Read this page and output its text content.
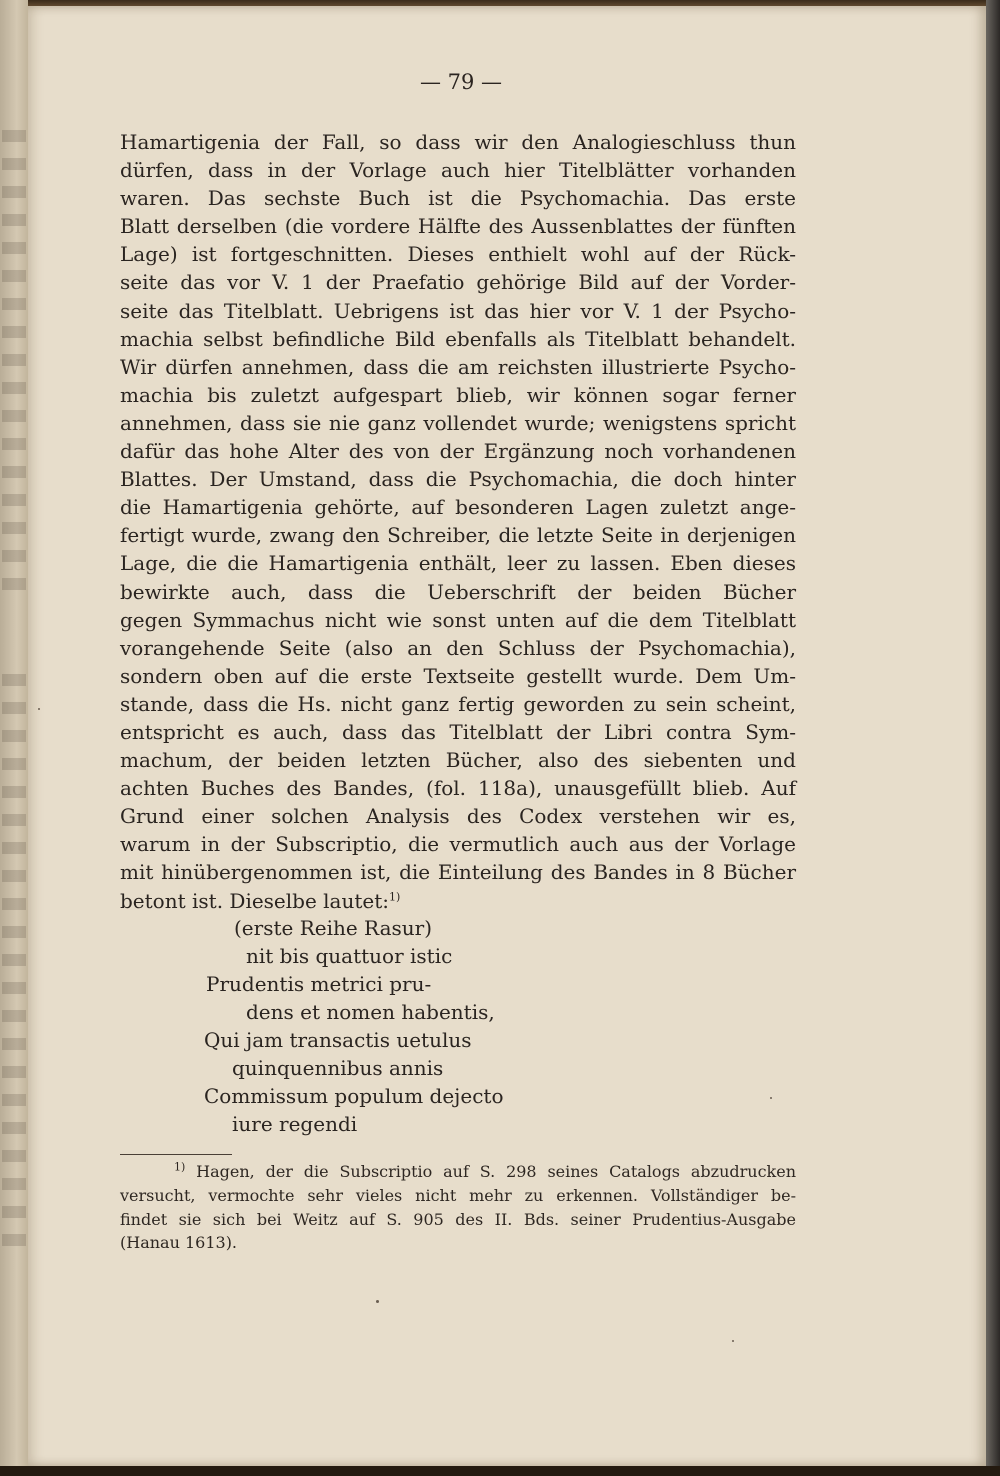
— 79 —
Hamartigenia der Fall, so dass wir den Analogieschluss thun
dürfen, dass in der Vorlage auch hier Titelblätter vorhanden
waren. Das sechste Buch ist die Psychomachia. Das erste
Blatt derselben (die vordere Hälfte des Aussenblattes der fünften
Lage) ist fortgeschnitten. Dieses enthielt wohl auf der Rück-
seite das vor V. 1 der Praefatio gehörige Bild auf der Vorder-
seite das Titelblatt. Uebrigens ist das hier vor V. 1 der Psycho-
machia selbst befindliche Bild ebenfalls als Titelblatt behandelt.
Wir dürfen annehmen, dass die am reichsten illustrierte Psycho-
machia bis zuletzt aufgespart blieb, wir können sogar ferner
annehmen, dass sie nie ganz vollendet wurde; wenigstens spricht
dafür das hohe Alter des von der Ergänzung noch vorhandenen
Blattes. Der Umstand, dass die Psychomachia, die doch hinter
die Hamartigenia gehörte, auf besonderen Lagen zuletzt ange-
fertigt wurde, zwang den Schreiber, die letzte Seite in derjenigen
Lage, die die Hamartigenia enthält, leer zu lassen. Eben dieses
bewirkte auch, dass die Ueberschrift der beiden Bücher
gegen Symmachus nicht wie sonst unten auf die dem Titelblatt
vorangehende Seite (also an den Schluss der Psychomachia),
sondern oben auf die erste Textseite gestellt wurde. Dem Um-
stande, dass die Hs. nicht ganz fertig geworden zu sein scheint,
entspricht es auch, dass das Titelblatt der Libri contra Sym-
machum, der beiden letzten Bücher, also des siebenten und
achten Buches des Bandes, (fol. 118a), unausgefüllt blieb. Auf
Grund einer solchen Analysis des Codex verstehen wir es,
warum in der Subscriptio, die vermutlich auch aus der Vorlage
mit hinübergenommen ist, die Einteilung des Bandes in 8 Bücher
betont ist. Dieselbe lautet:$^{1)}$
(erste Reihe Rasur)
nit bis quattuor istic
Prudentis metrici pru-
dens et nomen habentis,
Qui jam transactis uetulus
quinquennibus annis
Commissum populum dejecto
iure regendi
$^{1)}$ Hagen, der die Subscriptio auf S. 298 seines Catalogs abzudrucken
versucht, vermochte sehr vieles nicht mehr zu erkennen. Vollständiger be-
findet sie sich bei Weitz auf S. 905 des II. Bds. seiner Prudentius-Ausgabe
(Hanau 1613).
